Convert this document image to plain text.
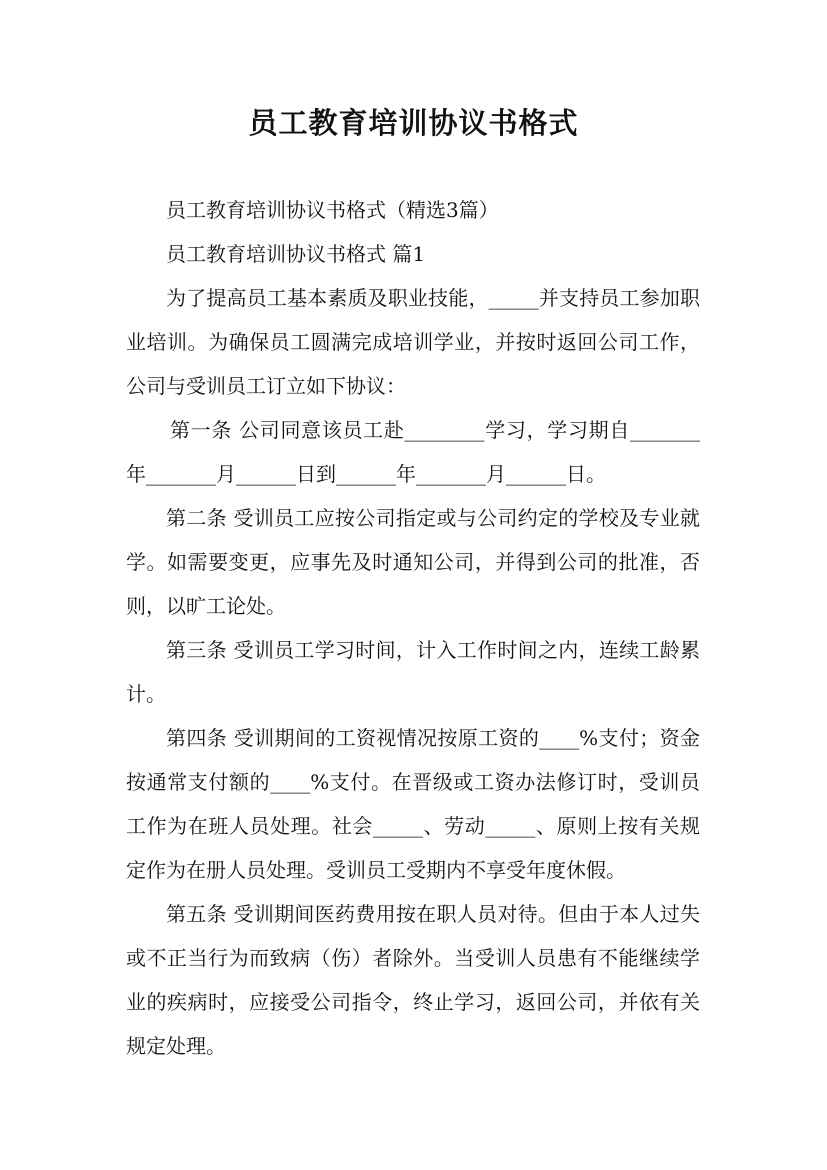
员工教育培训协议书格式

员工教育培训协议书格式（精选3篇）

员工教育培训协议书格式 篇1

为了提高员工基本素质及职业技能，_____并支持员工参加职业培训。为确保员工圆满完成培训学业，并按时返回公司工作，公司与受训员工订立如下协议：

第一条 公司同意该员工赴________学习，学习期自_______年_______月______日到______年_______月______日。

第二条 受训员工应按公司指定或与公司约定的学校及专业就学。如需要变更，应事先及时通知公司，并得到公司的批准，否则，以旷工论处。

第三条 受训员工学习时间，计入工作时间之内，连续工龄累计。

第四条 受训期间的工资视情况按原工资的____%支付；资金按通常支付额的____%支付。在晋级或工资办法修订时，受训员工作为在班人员处理。社会_____、劳动_____、原则上按有关规定作为在册人员处理。受训员工受期内不享受年度休假。

第五条 受训期间医药费用按在职人员对待。但由于本人过失或不正当行为而致病（伤）者除外。当受训人员患有不能继续学业的疾病时，应接受公司指令，终止学习，返回公司，并依有关规定处理。
